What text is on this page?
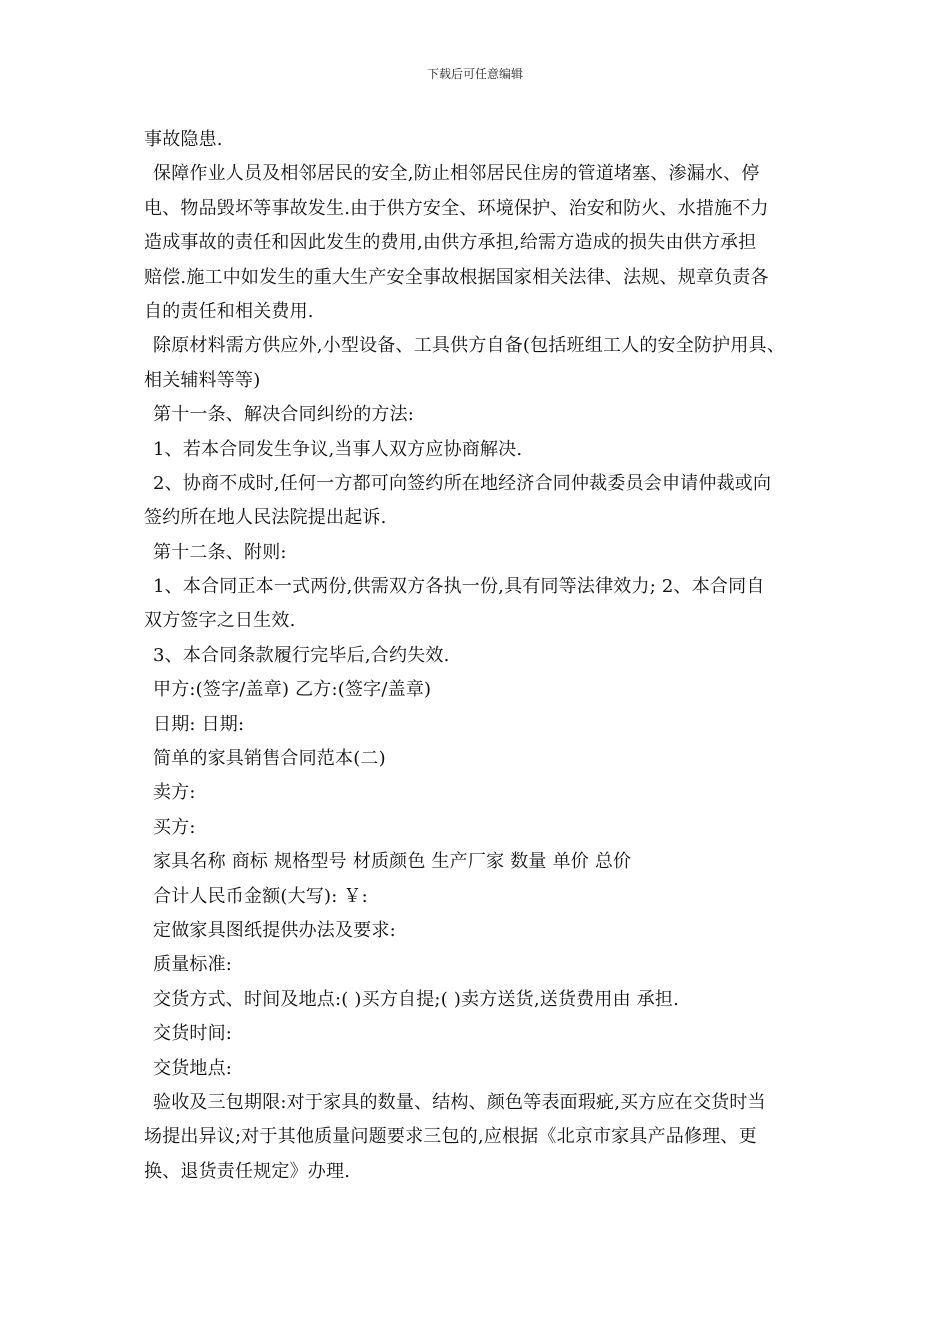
下载后可任意编辑
事故隐患.
保障作业人员及相邻居民的安全,防止相邻居民住房的管道堵塞、渗漏水、停
电、物品毁坏等事故发生.由于供方安全、环境保护、治安和防火、水措施不力
造成事故的责任和因此发生的费用,由供方承担,给需方造成的损失由供方承担
赔偿.施工中如发生的重大生产安全事故根据国家相关法律、法规、规章负责各
自的责任和相关费用.
除原材料需方供应外,小型设备、工具供方自备(包括班组工人的安全防护用具、
相关辅料等等)
第十一条、解决合同纠纷的方法:
1、若本合同发生争议,当事人双方应协商解决.
2、协商不成时,任何一方都可向签约所在地经济合同仲裁委员会申请仲裁或向
签约所在地人民法院提出起诉.
第十二条、附则:
1、本合同正本一式两份,供需双方各执一份,具有同等法律效力; 2、本合同自
双方签字之日生效.
3、本合同条款履行完毕后,合约失效.
甲方:(签字/盖章) 乙方:(签字/盖章)
日期: 日期:
简单的家具销售合同范本(二)
卖方:
买方:
家具名称 商标 规格型号 材质颜色 生产厂家 数量 单价 总价
合计人民币金额(大写): ￥:
定做家具图纸提供办法及要求:
质量标准:
交货方式、时间及地点:( )买方自提;( )卖方送货,送货费用由 承担.
交货时间:
交货地点:
验收及三包期限:对于家具的数量、结构、颜色等表面瑕疵,买方应在交货时当
场提出异议;对于其他质量问题要求三包的,应根据《北京市家具产品修理、更
换、退货责任规定》办理.
